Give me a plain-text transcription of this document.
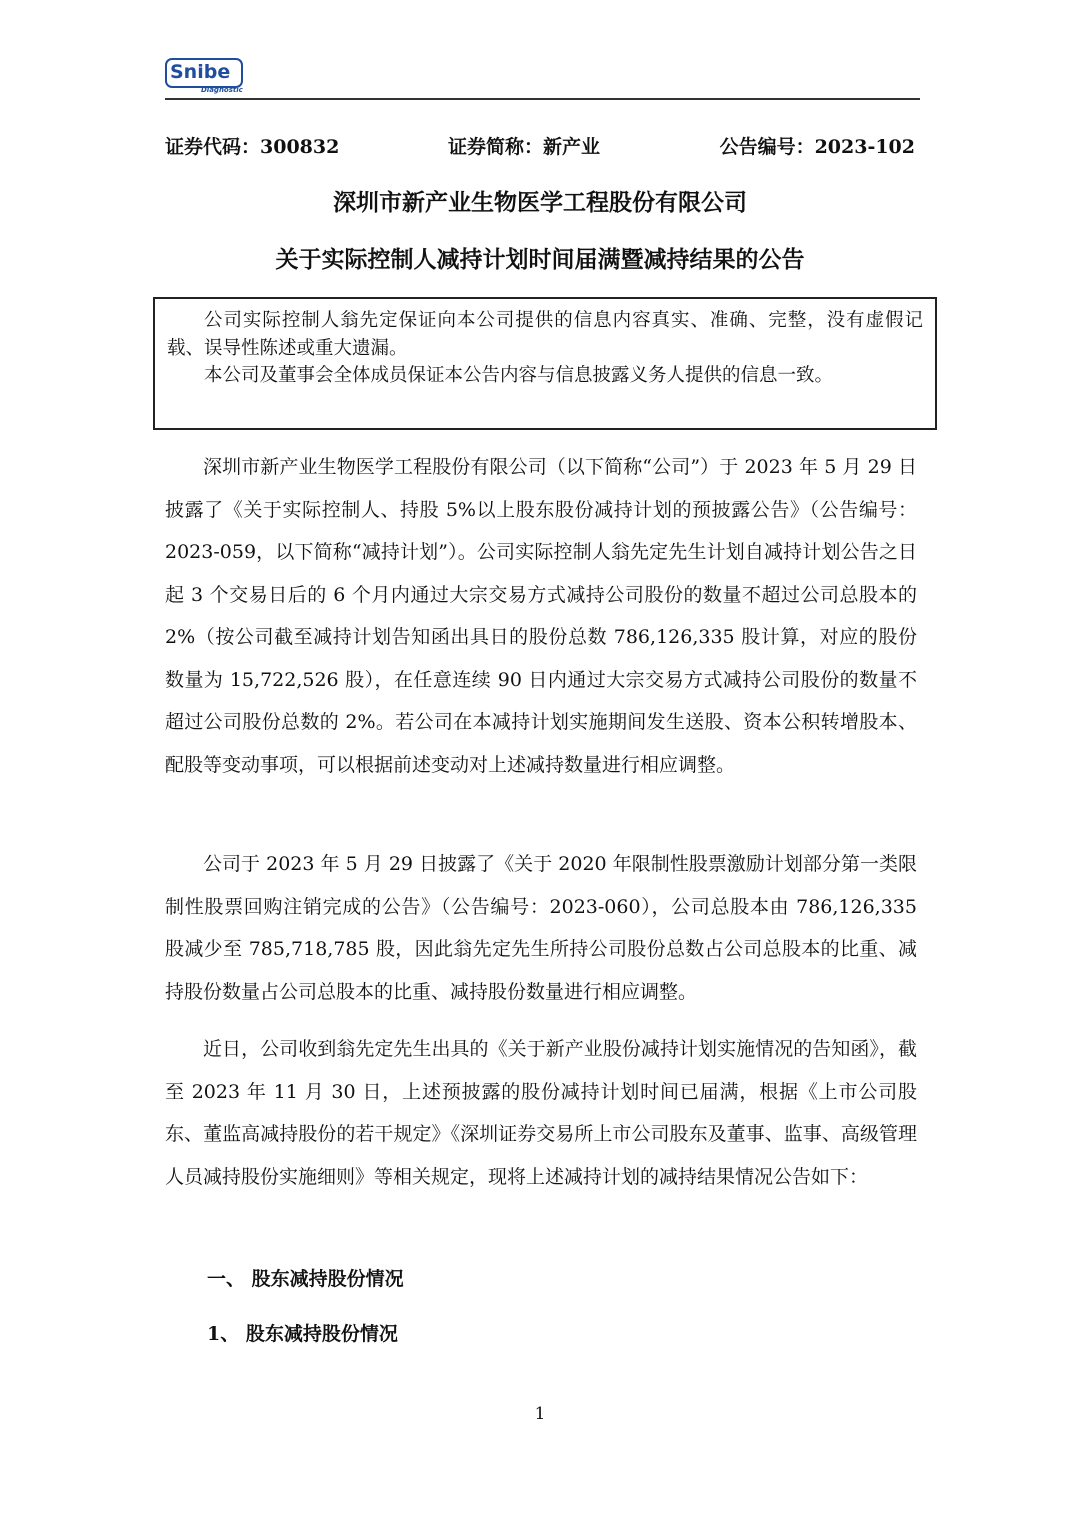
Snibe
Diagnostic
证券代码：300832	证券简称：新产业	公告编号：2023-102
深圳市新产业生物医学工程股份有限公司
关于实际控制人减持计划时间届满暨减持结果的公告

公司实际控制人翁先定保证向本公司提供的信息内容真实、准确、完整，没有虚假记载、误导性陈述或重大遗漏。

本公司及董事会全体成员保证本公告内容与信息披露义务人提供的信息一致。

深圳市新产业生物医学工程股份有限公司（以下简称“公司”）于 2023 年 5 月 29 日披露了《关于实际控制人、持股 5%以上股东股份减持计划的预披露公告》（公告编号：2023-059，以下简称“减持计划”）。公司实际控制人翁先定先生计划自减持计划公告之日起 3 个交易日后的 6 个月内通过大宗交易方式减持公司股份的数量不超过公司总股本的 2%（按公司截至减持计划告知函出具日的股份总数 786,126,335 股计算，对应的股份数量为 15,722,526 股），在任意连续 90 日内通过大宗交易方式减持公司股份的数量不超过公司股份总数的 2%。若公司在本减持计划实施期间发生送股、资本公积转增股本、配股等变动事项，可以根据前述变动对上述减持数量进行相应调整。

公司于 2023 年 5 月 29 日披露了《关于 2020 年限制性股票激励计划部分第一类限制性股票回购注销完成的公告》（公告编号：2023-060），公司总股本由 786,126,335 股减少至 785,718,785 股，因此翁先定先生所持公司股份总数占公司总股本的比重、减持股份数量占公司总股本的比重、减持股份数量进行相应调整。

近日，公司收到翁先定先生出具的《关于新产业股份减持计划实施情况的告知函》，截至 2023 年 11 月 30 日，上述预披露的股份减持计划时间已届满，根据《上市公司股东、董监高减持股份的若干规定》《深圳证券交易所上市公司股东及董事、监事、高级管理人员减持股份实施细则》等相关规定，现将上述减持计划的减持结果情况公告如下：

一、 股东减持股份情况
1、 股东减持股份情况
1
